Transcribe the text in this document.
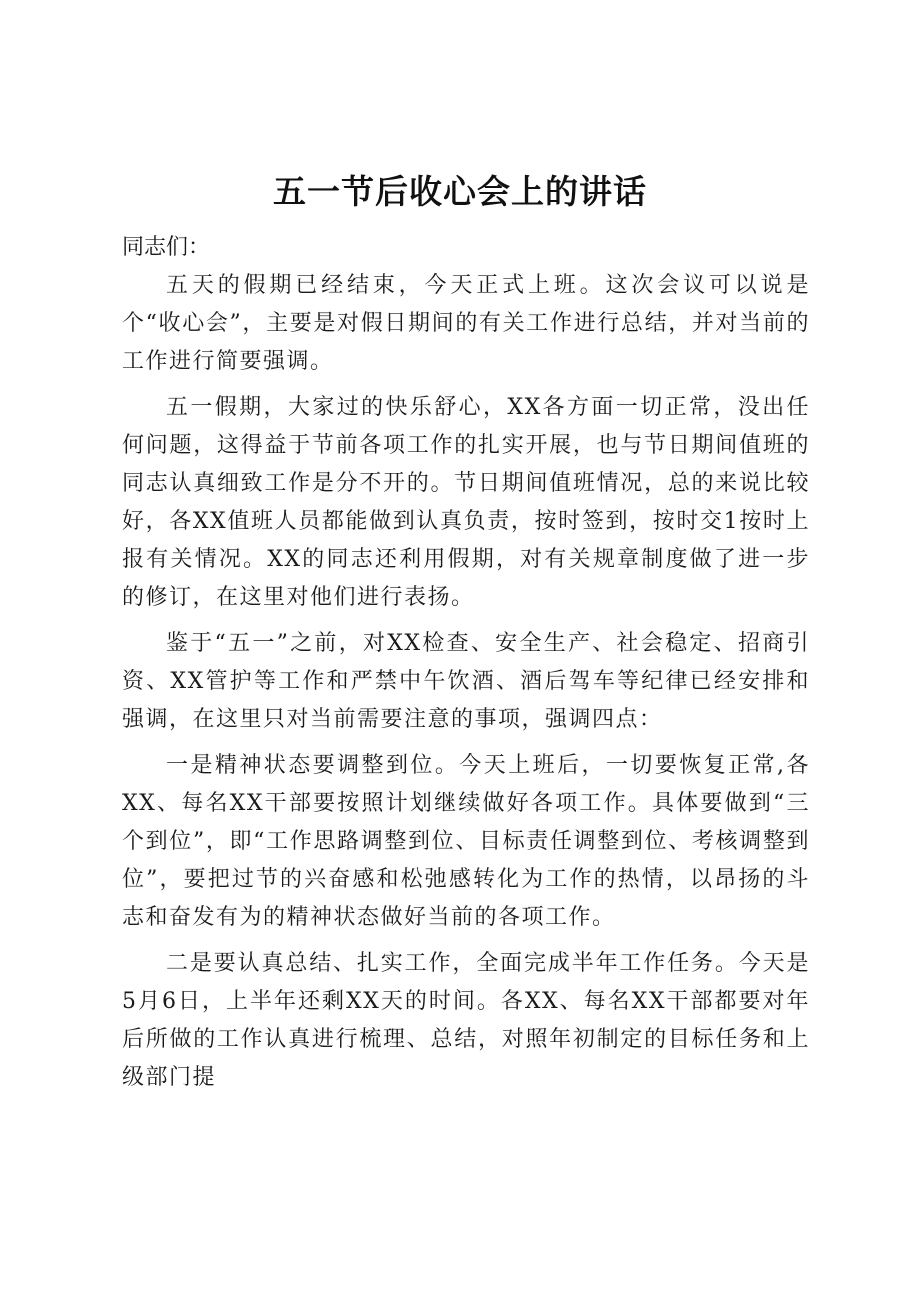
五一节后收心会上的讲话

同志们：

五天的假期已经结束，今天正式上班。这次会议可以说是个“收心会”，主要是对假日期间的有关工作进行总结，并对当前的工作进行简要强调。

五一假期，大家过的快乐舒心，XX各方面一切正常，没出任何问题，这得益于节前各项工作的扎实开展，也与节日期间值班的同志认真细致工作是分不开的。节日期间值班情况，总的来说比较好，各XX值班人员都能做到认真负责，按时签到，按时交1按时上报有关情况。XX的同志还利用假期，对有关规章制度做了进一步的修订，在这里对他们进行表扬。

鉴于“五一”之前，对XX检查、安全生产、社会稳定、招商引资、XX管护等工作和严禁中午饮酒、酒后驾车等纪律已经安排和强调，在这里只对当前需要注意的事项，强调四点：

一是精神状态要调整到位。今天上班后，一切要恢复正常,各XX、每名XX干部要按照计划继续做好各项工作。具体要做到“三个到位”，即“工作思路调整到位、目标责任调整到位、考核调整到位”，要把过节的兴奋感和松弛感转化为工作的热情，以昂扬的斗志和奋发有为的精神状态做好当前的各项工作。

二是要认真总结、扎实工作，全面完成半年工作任务。今天是5月6日，上半年还剩XX天的时间。各XX、每名XX干部都要对年后所做的工作认真进行梳理、总结，对照年初制定的目标任务和上级部门提
